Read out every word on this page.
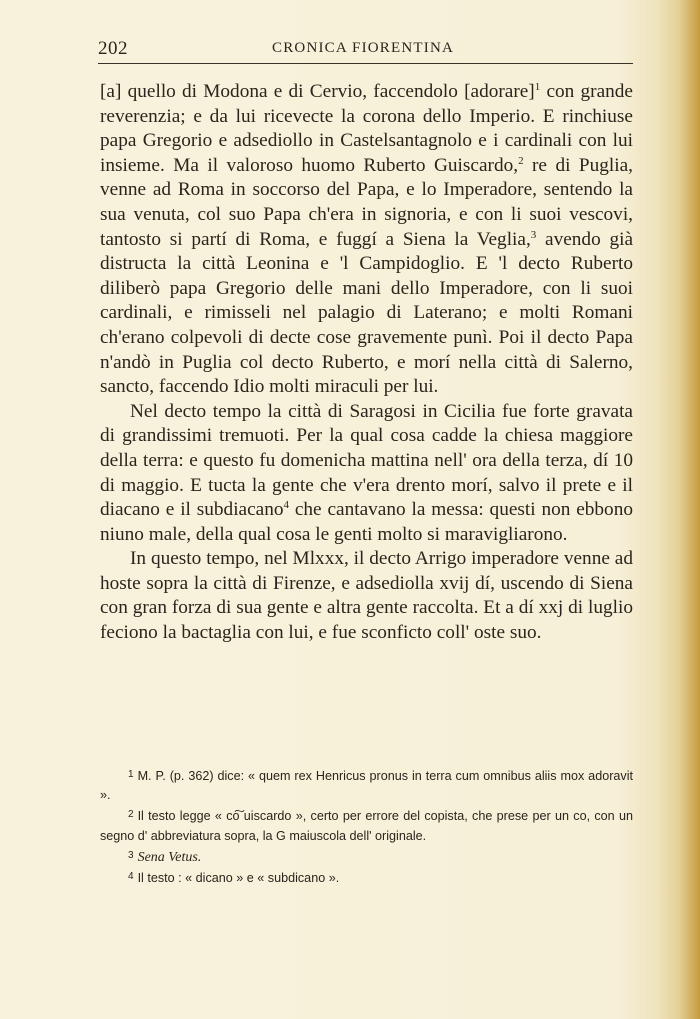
202	CRONICA FIORENTINA

[a] quello di Modona e di Cervio, faccendolo [adorare]$^1$ con grande reverenzia; e da lui ricevecte la corona dello Imperio. E rinchiuse papa Gregorio e adsediollo in Castelsantagnolo e i cardinali con lui insieme. Ma il valoroso huomo Ruberto Guiscardo,$^2$ re di Puglia, venne ad Roma in soccorso del Papa, e lo Imperadore, sentendo la sua venuta, col suo Papa ch'era in signoria, e con li suoi vescovi, tantosto si partí di Roma, e fuggí a Siena la Veglia,$^3$ avendo già distructa la città Leonina e 'l Campidoglio. E 'l decto Ruberto diliberò papa Gregorio delle mani dello Imperadore, con li suoi cardinali, e rimisseli nel palagio di Laterano; e molti Romani ch'erano colpevoli di decte cose gravemente punì. Poi il decto Papa n'andò in Puglia col decto Ruberto, e morí nella città di Salerno, sancto, faccendo Idio molti miraculi per lui.

Nel decto tempo la città di Saragosi in Cicilia fue forte gravata di grandissimi tremuoti. Per la qual cosa cadde la chiesa maggiore della terra: e questo fu domenicha mattina nell' ora della terza, dí 10 di maggio. E tucta la gente che v'era drento morí, salvo il prete e il diacano e il subdiacano$^4$ che cantavano la messa: questi non ebbono niuno male, della qual cosa le genti molto si maravigliarono.

In questo tempo, nel Mlxxx, il decto Arrigo imperadore venne ad hoste sopra la città di Firenze, e adsediolla xvij dí, uscendo di Siena con gran forza di sua gente e altra gente raccolta. Et a dí xxj di luglio feciono la bactaglia con lui, e fue sconficto coll' oste suo.

$^1$ M. P. (p. 362) dice: « quem rex Henricus pronus in terra cum omnibus aliis mox adoravit ».

$^2$ Il testo legge « co͠ uiscardo », certo per errore del copista, che prese per un co, con un segno d' abbreviatura sopra, la G maiuscola dell' originale.

$^3$ Sena Vetus.

$^4$ Il testo : « dicano » e « subdicano ».
